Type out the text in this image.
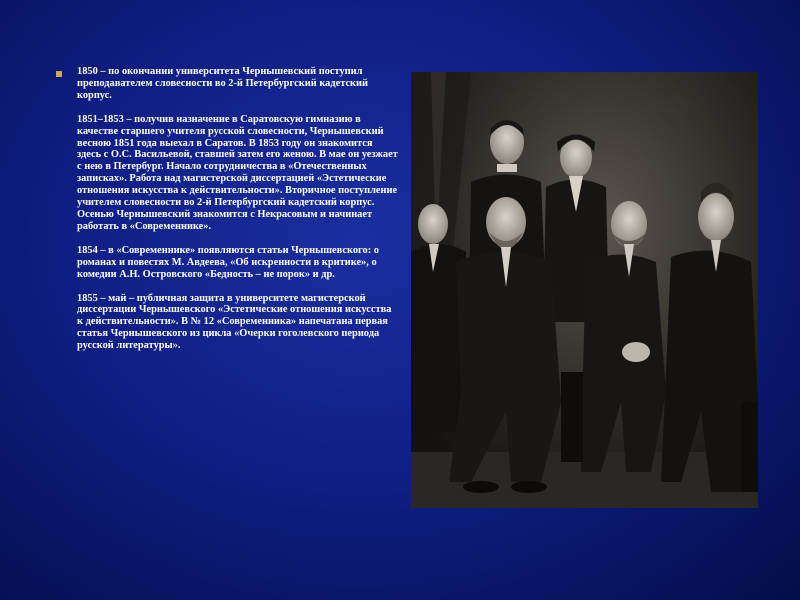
1850 – по окончании университета Чернышевский поступил преподавателем словесности во 2-й Петербургский кадетский корпус.

1851–1853 – получив назначение в Саратовскую гимназию в качестве старшего учителя русской словесности, Чернышевский весною 1851 года выехал в Саратов. В 1853 году он знакомится здесь с О.С. Васильевой, ставшей затем его женою. В мае он уезжает с нею в Петербург. Начало сотрудничества в «Отечественных записках». Работа над магистерской диссертацией «Эстетические отношения искусства к действительности». Вторичное поступление учителем словесности во 2-й Петербургский кадетский корпус. Осенью Чернышевский знакомится с Некрасовым и начинает работать в «Современнике».

1854 – в «Современнике» появляются статьи Чернышевского: о романах и повестях М. Авдеева, «Об искренности в критике», о комедии А.Н. Островского «Бедность – не порок» и др.

1855 – май – публичная защита в университете магистерской диссертации Чернышевского «Эстетические отношения искусства к действительности». В № 12 «Современника» напечатана первая статья Чернышевского из цикла «Очерки гоголевского периода русской литературы».
